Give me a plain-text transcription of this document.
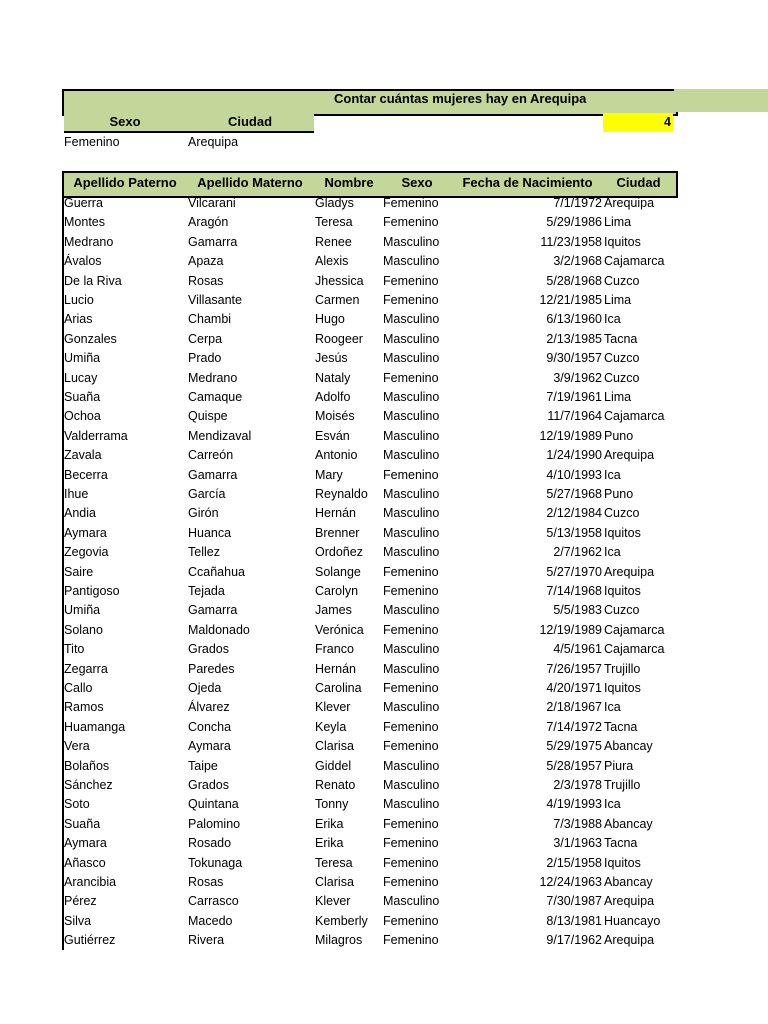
Contar cuántas mujeres hay en Arequipa
Sexo	Ciudad	4
Femenino	Arequipa
Apellido Paterno	Apellido Materno	Nombre	Sexo	Fecha de Nacimiento	Ciudad
Guerra	Vilcarani	Gladys Femenino	7/1/1972 Arequipa
Montes	Aragón	Teresa Femenino	5/29/1986 Lima
Medrano	Gamarra	Renee Masculino	11/23/1958 Iquitos
Ávalos	Apaza	Alexis	Masculino	3/2/1968 Cajamarca
De la Riva	Rosas	Jhessica Femenino	5/28/1968 Cuzco
Lucio	Villasante	Carmen Femenino	12/21/1985 Lima
Arias	Chambi	Hugo	Masculino	6/13/1960 Ica
Gonzales	Cerpa	Roogeer Masculino	2/13/1985 Tacna
Umiña	Prado	Jesús	Masculino	9/30/1957 Cuzco
Lucay	Medrano	Nataly	Femenino	3/9/1962 Cuzco
Suaña	Camaque	Adolfo	Masculino	7/19/1961 Lima
Ochoa	Quispe	Moisés Masculino	11/7/1964 Cajamarca
Valderrama	Mendizaval	Esván	Masculino	12/19/1989 Puno
Zavala	Carreón	Antonio Masculino	1/24/1990 Arequipa
Becerra	Gamarra	Mary	Femenino	4/10/1993 Ica
Ihue	García	Reynaldo Masculino	5/27/1968 Puno
Andia	Girón	Hernán Masculino	2/12/1984 Cuzco
Aymara	Huanca	Brenner Masculino	5/13/1958 Iquitos
Zegovia	Tellez	Ordoñez Masculino	2/7/1962 Ica
Saire	Ccañahua	Solange Femenino	5/27/1970 Arequipa
Pantigoso	Tejada	Carolyn Femenino	7/14/1968 Iquitos
Umiña	Gamarra	James Masculino	5/5/1983 Cuzco
Solano	Maldonado	Verónica Femenino	12/19/1989 Cajamarca
Tito	Grados	Franco Masculino	4/5/1961 Cajamarca
Zegarra	Paredes	Hernán Masculino	7/26/1957 Trujillo
Callo	Ojeda	Carolina Femenino	4/20/1971 Iquitos
Ramos	Álvarez	Klever	Masculino	2/18/1967 Ica
Huamanga	Concha	Keyla	Femenino	7/14/1972 Tacna
Vera	Aymara	Clarisa Femenino	5/29/1975 Abancay
Bolaños	Taipe	Giddel	Masculino	5/28/1957 Piura
Sánchez	Grados	Renato Masculino	2/3/1978 Trujillo
Soto	Quintana	Tonny	Masculino	4/19/1993 Ica
Suaña	Palomino	Erika	Femenino	7/3/1988 Abancay
Aymara	Rosado	Erika	Femenino	3/1/1963 Tacna
Añasco	Tokunaga	Teresa Femenino	2/15/1958 Iquitos
Arancibia	Rosas	Clarisa Femenino	12/24/1963 Abancay
Pérez	Carrasco	Klever	Masculino	7/30/1987 Arequipa
Silva	Macedo	Kemberly Femenino	8/13/1981 Huancayo
Gutiérrez	Rivera	Milagros Femenino	9/17/1962 Arequipa
